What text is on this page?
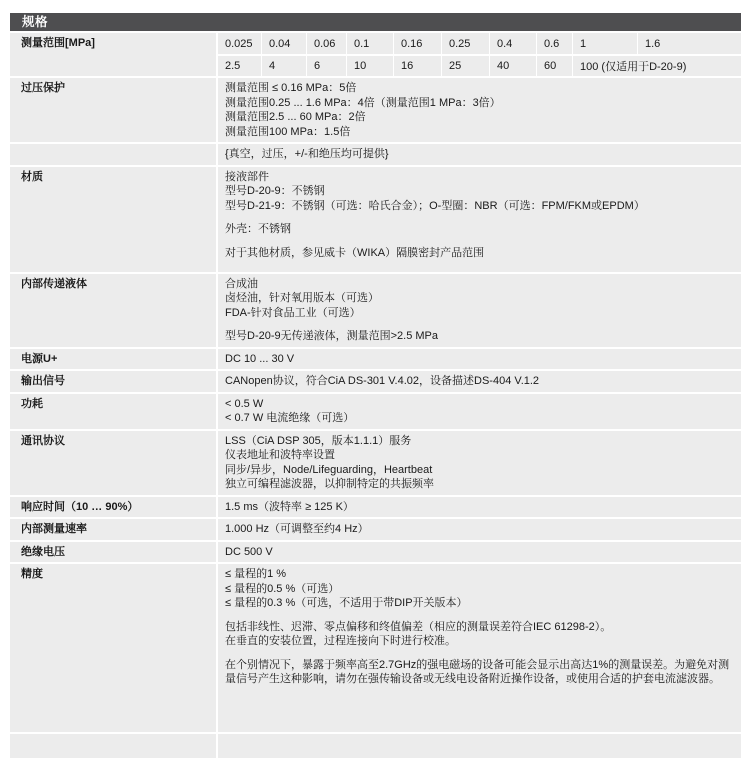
规格
测量范围[MPa]	0.025	0.04	0.06	0.1	0.16	0.25	0.4	0.6	1	1.6
2.5	4	6	10	16	25	40	60	100 (仅适用于D-20-9)
过压保护	测量范围 ≤ 0.16 MPa：5倍
测量范围0.25 ... 1.6 MPa：4倍（测量范围1 MPa：3倍）
测量范围2.5 ... 60 MPa：2倍
测量范围100 MPa：1.5倍
{真空，过压，+/-和绝压均可提供}
材质	接液部件
型号D-20-9：不锈钢
型号D-21-9：不锈钢（可选：哈氏合金）；O-型圈：NBR（可选：FPM/FKM或EPDM）
外壳：不锈钢
对于其他材质，参见威卡（WIKA）隔膜密封产品范围
内部传递液体	合成油
卤烃油，针对氧用版本（可选）
FDA-针对食品工业（可选）
型号D-20-9无传递液体，测量范围>2.5 MPa
电源U+	DC 10 ... 30 V
输出信号	CANopen协议，符合CiA DS-301 V.4.02，设备描述DS-404 V.1.2
功耗	< 0.5 W
< 0.7 W 电流绝缘（可选）
通讯协议	LSS（CiA DSP 305，版本1.1.1）服务
仪表地址和波特率设置
同步/异步，Node/Lifeguarding，Heartbeat
独立可编程滤波器，以抑制特定的共振频率
响应时间（10 … 90%）	1.5 ms（波特率 ≥ 125 K）
内部测量速率	1.000 Hz（可调整至约4 Hz）
绝缘电压	DC 500 V
精度	≤ 量程的1 %
≤ 量程的0.5 %（可选）
≤ 量程的0.3 %（可选，不适用于带DIP开关版本）
包括非线性、迟滞、零点偏移和终值偏差（相应的测量误差符合IEC 61298-2）。
在垂直的安装位置，过程连接向下时进行校准。
在个别情况下，暴露于频率高至2.7GHz的强电磁场的设备可能会显示出高达1%的测量误差。为避免对测量信号产生这种影响，请勿在强传输设备或无线电设备附近操作设备，或使用合适的护套电流滤波器。
